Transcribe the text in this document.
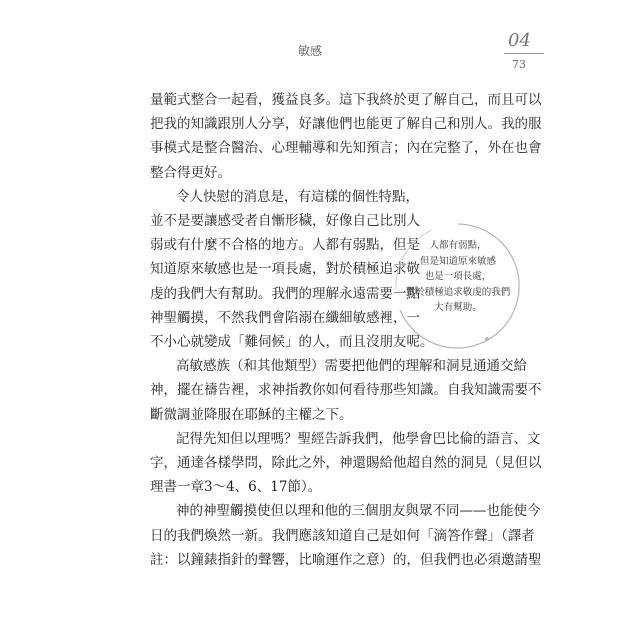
敏感	04
73

量範式整合一起看，獲益良多。這下我終於更了解自己，而且可以
把我的知識跟別人分享，好讓他們也能更了解自己和別人。我的服
事模式是整合醫治、心理輔導和先知預言；內在完整了，外在也會
整合得更好。

令人快慰的消息是，有這樣的個性特點，
並不是要讓感受者自慚形穢，好像自己比別人
弱或有什麼不合格的地方。人都有弱點，但是
知道原來敏感也是一項長處，對於積極追求敬
虔的我們大有幫助。我們的理解永遠需要一點
神聖觸摸，不然我們會陷溺在纖細敏感裡，一
不小心就變成「難伺候」的人，而且沒朋友呢。

高敏感族（和其他類型）需要把他們的理解和洞見通通交給
神，擺在禱告裡，求神指教你如何看待那些知識。自我知識需要不
斷微調並降服在耶穌的主權之下。

記得先知但以理嗎？聖經告訴我們，他學會巴比倫的語言、文
字，通達各樣學問，除此之外，神還賜給他超自然的洞見（見但以
理書一章3～4、6、17節）。

神的神聖觸摸使但以理和他的三個朋友與眾不同——也能使今
日的我們煥然一新。我們應該知道自己是如何「滴答作聲」（譯者
註：以鐘錶指針的聲響，比喻運作之意）的，但我們也必須邀請聖

人都有弱點，
但是知道原來敏感
也是一項長處，
對於積極追求敬虔的我們
大有幫助。
